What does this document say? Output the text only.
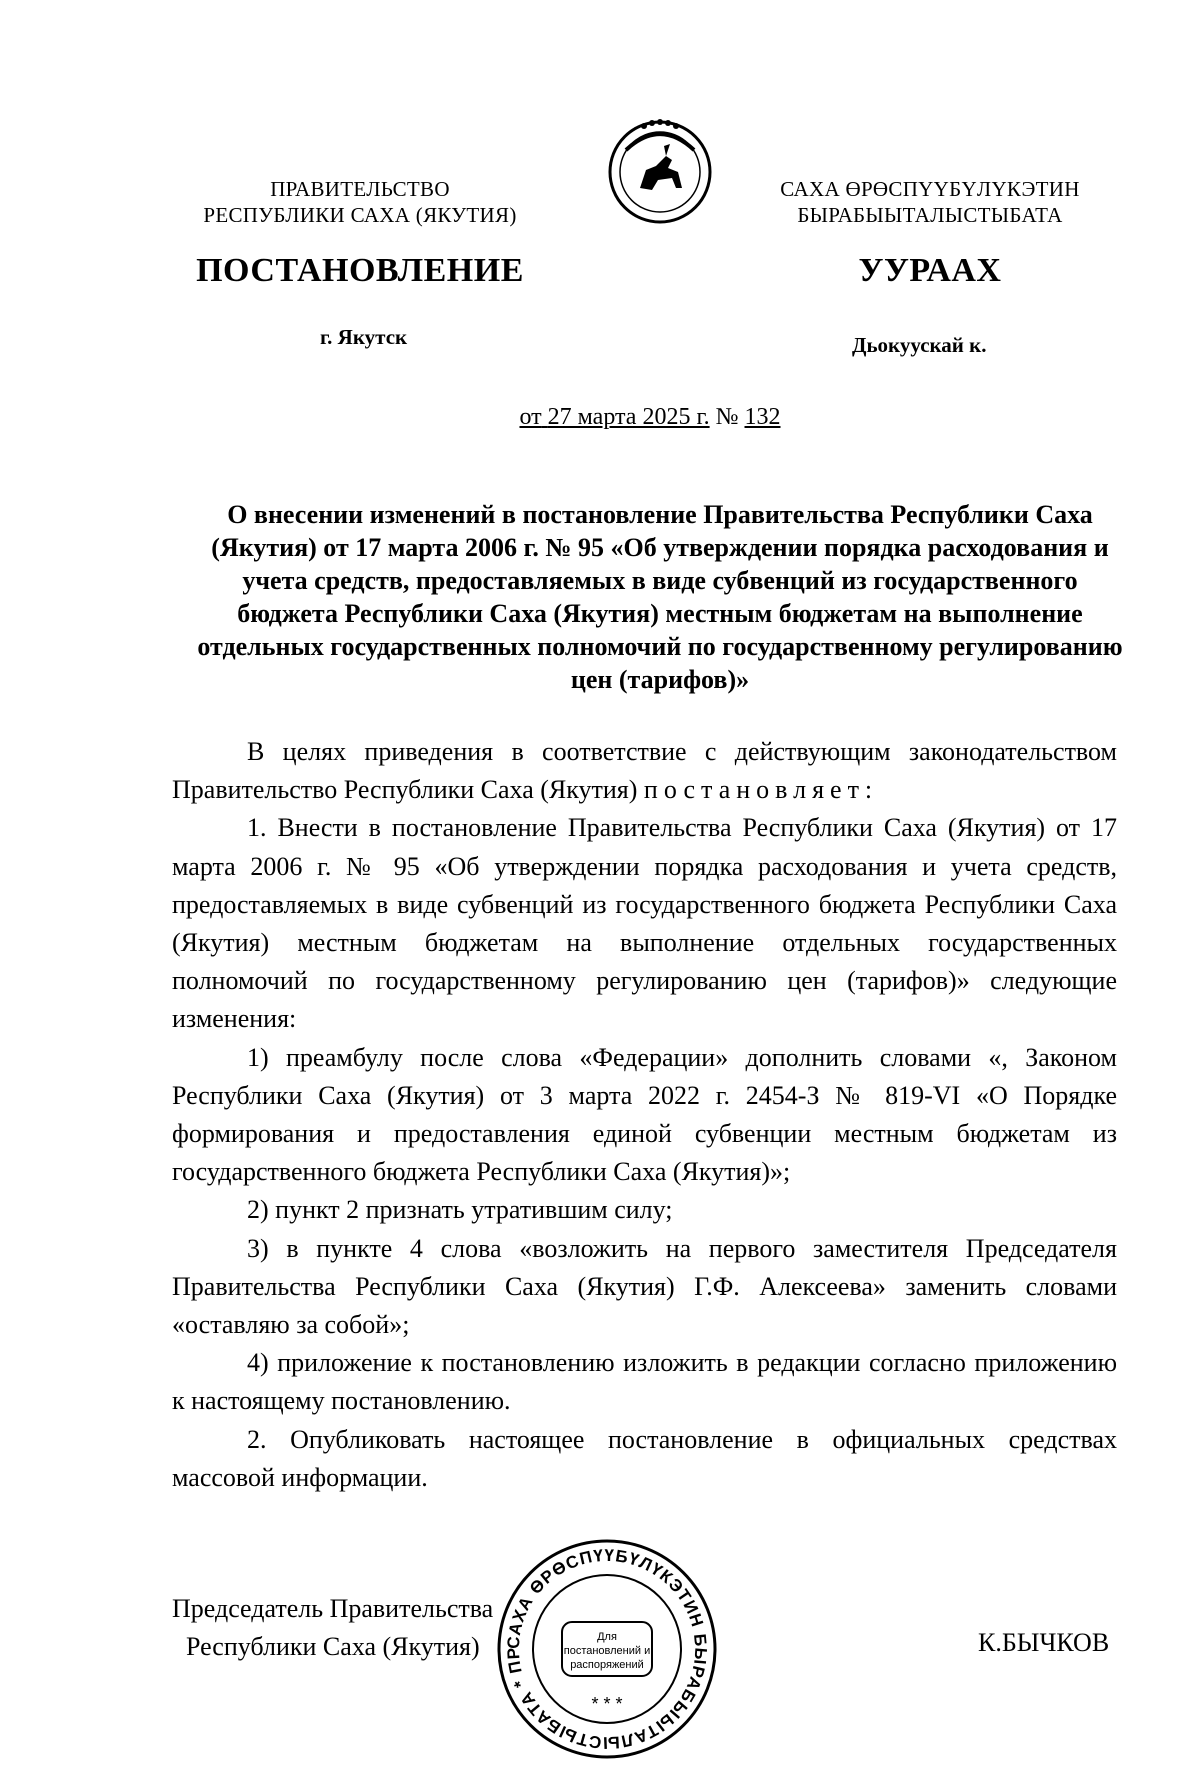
ПРАВИТЕЛЬСТВО
РЕСПУБЛИКИ САХА (ЯКУТИЯ)
САХА ӨРӨСПҮҮБҮЛҮКЭТИН
БЫРАБЫЫТАЛЫСТЫБАТА
ПОСТАНОВЛЕНИЕ	УУРААХ
г. Якутск	Дьокуускай к.
от 27 марта 2025 г. № 132
О внесении изменений в постановление Правительства Республики Саха (Якутия) от 17 марта 2006 г. № 95 «Об утверждении порядка расходования и учета средств, предоставляемых в виде субвенций из государственного бюджета Республики Саха (Якутия) местным бюджетам на выполнение отдельных государственных полномочий по государственному регулированию цен (тарифов)»

В целях приведения в соответствие с действующим законодательством Правительство Республики Саха (Якутия) постановляет:

1. Внести в постановление Правительства Республики Саха (Якутия) от 17 марта 2006 г. № 95 «Об утверждении порядка расходования и учета средств, предоставляемых в виде субвенций из государственного бюджета Республики Саха (Якутия) местным бюджетам на выполнение отдельных государственных полномочий по государственному регулированию цен (тарифов)» следующие изменения:

1) преамбулу после слова «Федерации» дополнить словами «, Законом Республики Саха (Якутия) от 3 марта 2022 г. 2454-З № 819-VI «О Порядке формирования и предоставления единой субвенции местным бюджетам из государственного бюджета Республики Саха (Якутия)»;

2) пункт 2 признать утратившим силу;

3) в пункте 4 слова «возложить на первого заместителя Председателя Правительства Республики Саха (Якутия) Г.Ф. Алексеева» заменить словами «оставляю за собой»;

4) приложение к постановлению изложить в редакции согласно приложению к настоящему постановлению.

2. Опубликовать настоящее постановление в официальных средствах массовой информации.

Председатель Правительства
Республики Саха (Якутия)	К.БЫЧКОВ
САХА ӨРӨСПҮҮБҮЛҮКЭТИН БЫРАБЫЫТАЛЫСТЫБАТА * ПР
Для
постановлений и
распоряжений
* * *
